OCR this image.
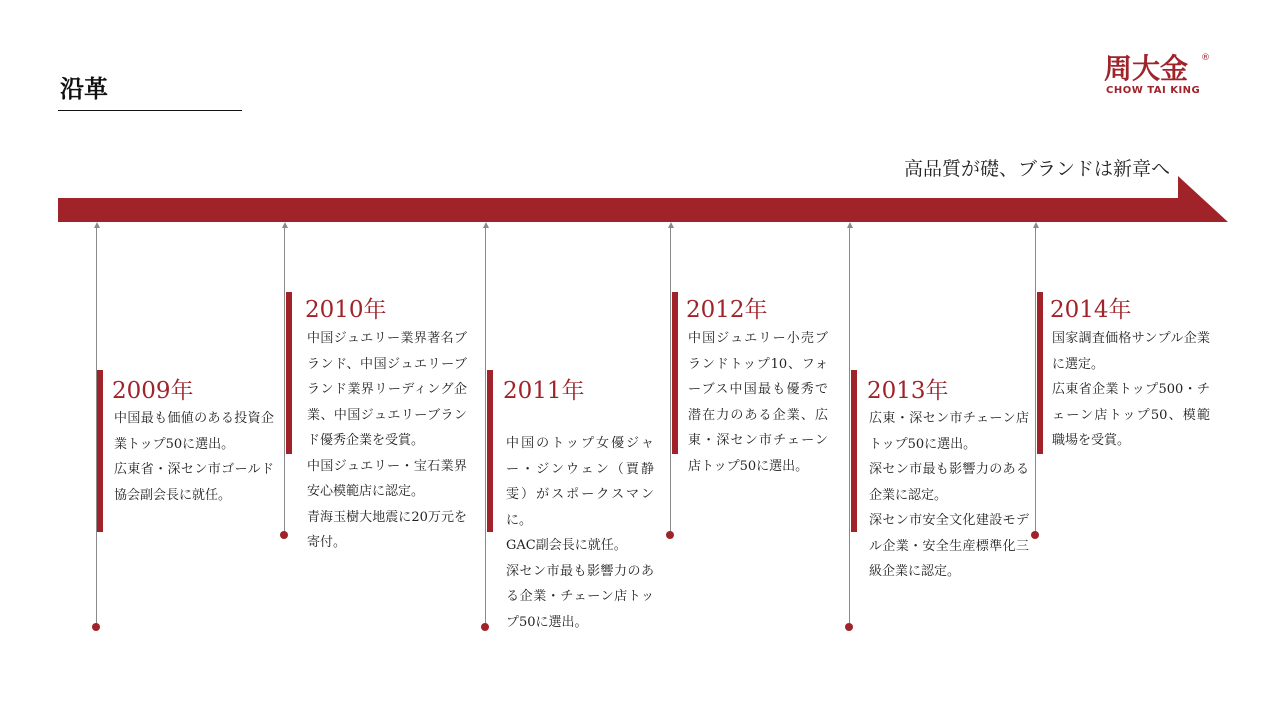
沿革
周大金 ®
CHOW TAI KING
高品質が礎、ブランドは新章へ
2009年

中国最も価値のある投資企業トップ50に選出。

広東省・深セン市ゴールド協会副会長に就任。

2010年

中国ジュエリー業界著名ブランド、中国ジュエリーブランド業界リーディング企業、中国ジュエリーブランド優秀企業を受賞。

中国ジュエリー・宝石業界安心模範店に認定。

青海玉樹大地震に20万元を寄付。

2011年

中国のトップ女優ジャー・ジンウェン（賈静雯）がスポークスマンに。

GAC副会長に就任。

深セン市最も影響力のある企業・チェーン店トップ50に選出。

2012年

中国ジュエリー小売ブランドトップ10、フォーブス中国最も優秀で潜在力のある企業、広東・深セン市チェーン店トップ50に選出。

2013年

広東・深セン市チェーン店トップ50に選出。

深セン市最も影響力のある企業に認定。

深セン市安全文化建設モデル企業・安全生産標準化三級企業に認定。

2014年

国家調査価格サンプル企業に選定。

広東省企業トップ500・チェーン店トップ50、模範職場を受賞。
